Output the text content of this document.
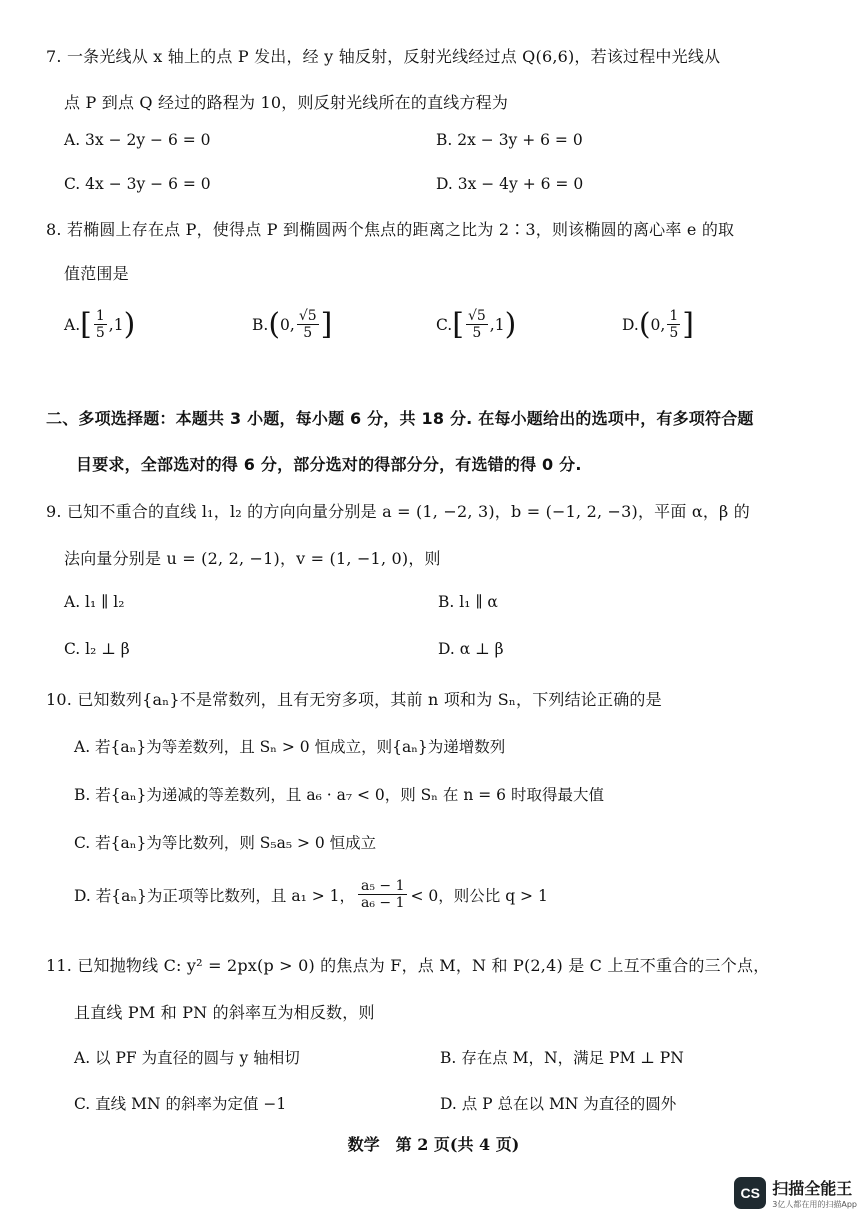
7. 一条光线从 x 轴上的点 P 发出，经 y 轴反射，反射光线经过点 Q(6,6)，若该过程中光线从
点 P 到点 Q 经过的路程为 10，则反射光线所在的直线方程为
A. 3x − 2y − 6 = 0	B. 2x − 3y + 6 = 0
C. 4x − 3y − 6 = 0	D. 3x − 4y + 6 = 0
8. 若椭圆上存在点 P，使得点 P 到椭圆两个焦点的距离之比为 2∶3，则该椭圆的离心率 e 的取
值范围是
A. [ $\frac{1}{5} ,1$ )	B. ( 0, $\frac{√5}{5}$ ]	C. [ $\frac{√5}{5} ,1$ )	D. ( 0, $\frac{1}{5}$ ]
二、多项选择题：本题共 3 小题，每小题 6 分，共 18 分. 在每小题给出的选项中，有多项符合题
目要求，全部选对的得 6 分，部分选对的得部分分，有选错的得 0 分.
9. 已知不重合的直线 l₁，l₂ 的方向向量分别是 a = (1, −2, 3)，b = (−1, 2, −3)，平面 α，β 的
法向量分别是 u = (2, 2, −1)，v = (1, −1, 0)，则
A. l₁ ∥ l₂	B. l₁ ∥ α
C. l₂ ⊥ β	D. α ⊥ β
10. 已知数列{aₙ}不是常数列，且有无穷多项，其前 n 项和为 Sₙ，下列结论正确的是
A. 若{aₙ}为等差数列，且 Sₙ > 0 恒成立，则{aₙ}为递增数列
B. 若{aₙ}为递减的等差数列，且 a₆ · a₇ < 0，则 Sₙ 在 n = 6 时取得最大值
C. 若{aₙ}为等比数列，则 S₅a₅ > 0 恒成立
D. 若{aₙ}为正项等比数列，且 a₁ > 1， $\frac{\text{a₅ − 1}}{\text{a₆ − 1}} < 0$，则公比 q > 1
11. 已知抛物线 C: y² = 2px(p > 0) 的焦点为 F，点 M，N 和 P(2,4) 是 C 上互不重合的三个点，
且直线 PM 和 PN 的斜率互为相反数，则
A. 以 PF 为直径的圆与 y 轴相切	B. 存在点 M，N，满足 PM ⊥ PN
C. 直线 MN 的斜率为定值 −1	D. 点 P 总在以 MN 为直径的圆外
数学　第 2 页(共 4 页)
CS 扫描全能王
3亿人都在用的扫描App
